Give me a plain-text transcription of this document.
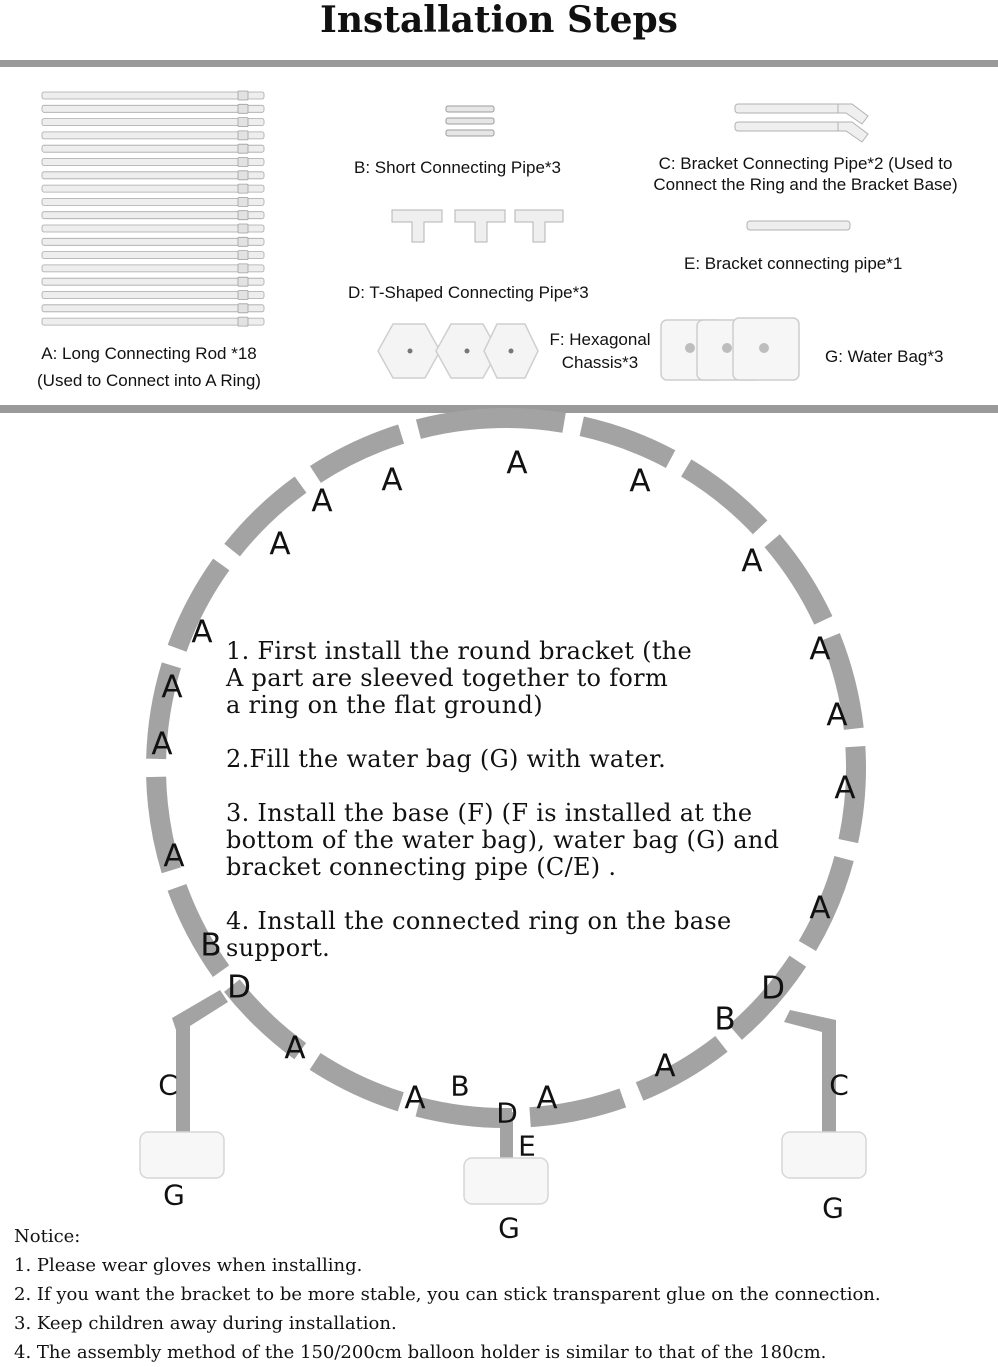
Installation Steps
A: Long Connecting Rod *18
(Used to Connect into A Ring)
B: Short Connecting Pipe*3	C: Bracket Connecting Pipe*2 (Used to
Connect the Ring and the Bracket Base)
D: T-Shaped Connecting Pipe*3
E: Bracket connecting pipe*1
F: Hexagonal
Chassis*3	G: Water Bag*3
A	A
A
A
A	A
A	A
A
A
A
A
A
A
B
D	D
B
A	A
C	C
B
A	A
D
E
G	G
G
1. First install the round bracket (the
A part are sleeved together to form
a ring on the flat ground)
2.Fill the water bag (G) with water.
3. Install the base (F) (F is installed at the
bottom of the water bag), water bag (G) and
bracket connecting pipe (C/E) .
4. Install the connected ring on the base
support.
Notice:
1. Please wear gloves when installing.
2. If you want the bracket to be more stable, you can stick transparent glue on the connection.
3. Keep children away during installation.
4. The assembly method of the 150/200cm balloon holder is similar to that of the 180cm.
